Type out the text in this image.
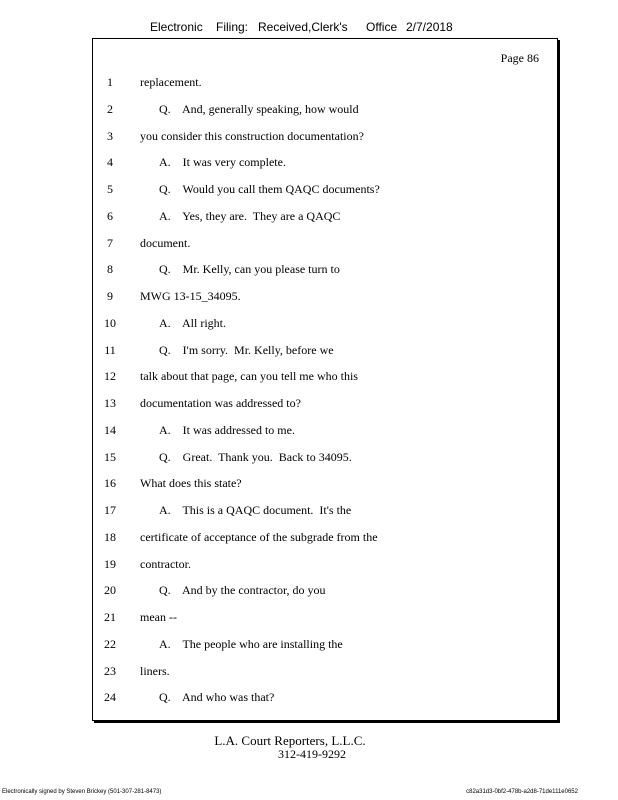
Electronic Filing: Received,Clerk's Office 2/7/2018
Page 86
1	replacement.
2	Q.    And, generally speaking, how would
3	you consider this construction documentation?
4	A.    It was very complete.
5	Q.    Would you call them QAQC documents?
6	A.    Yes, they are.  They are a QAQC
7	document.
8	Q.    Mr. Kelly, can you please turn to
9	MWG 13-15_34095.
10	A.    All right.
11	Q.    I'm sorry.  Mr. Kelly, before we
12	talk about that page, can you tell me who this
13	documentation was addressed to?
14	A.    It was addressed to me.
15	Q.    Great.  Thank you.  Back to 34095.
16	What does this state?
17	A.    This is a QAQC document.  It's the
18	certificate of acceptance of the subgrade from the
19	contractor.
20	Q.    And by the contractor, do you
21	mean --
22	A.    The people who are installing the
23	liners.
24	Q.    And who was that?
L.A. Court Reporters, L.L.C.
312-419-9292
Electronically signed by Steven Brickey (501-307-281-8473)	c82a31d3-0bf2-478b-a2d8-71de111e0652
